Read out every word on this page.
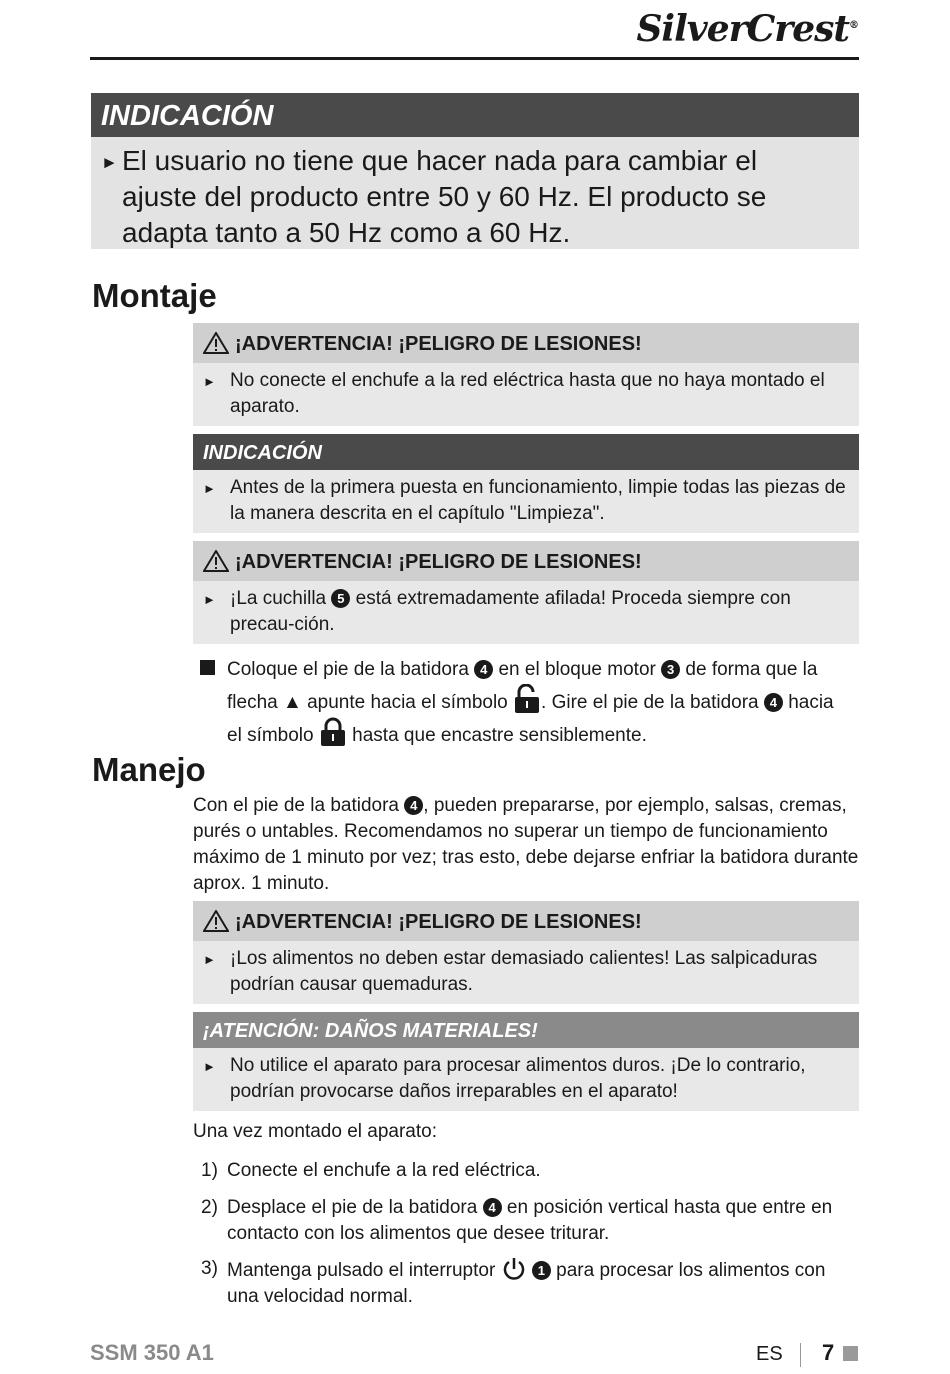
SilverCrest®
INDICACIÓN
► El usuario no tiene que hacer nada para cambiar el ajuste del producto entre 50 y 60 Hz. El producto se adapta tanto a 50 Hz como a 60 Hz.
Montaje
¡ADVERTENCIA! ¡PELIGRO DE LESIONES!
► No conecte el enchufe a la red eléctrica hasta que no haya montado el aparato.
INDICACIÓN
► Antes de la primera puesta en funcionamiento, limpie todas las piezas de la manera descrita en el capítulo "Limpieza".
¡ADVERTENCIA! ¡PELIGRO DE LESIONES!
► ¡La cuchilla 5 está extremadamente afilada! Proceda siempre con precau-ción.
Coloque el pie de la batidora 4 en el bloque motor 3 de forma que la
flecha ▲ apunte hacia el símbolo . Gire el pie de la batidora 4 hacia
el símbolo hasta que encastre sensiblemente.
Manejo
Con el pie de la batidora 4 , pueden prepararse, por ejemplo, salsas, cremas,
purés o untables. Recomendamos no superar un tiempo de funcionamiento
máximo de 1 minuto por vez; tras esto, debe dejarse enfriar la batidora durante
aprox. 1 minuto.
¡ADVERTENCIA! ¡PELIGRO DE LESIONES!
► ¡Los alimentos no deben estar demasiado calientes! Las salpicaduras podrían causar quemaduras.
¡ATENCIÓN: DAÑOS MATERIALES!
► No utilice el aparato para procesar alimentos duros. ¡De lo contrario, podrían provocarse daños irreparables en el aparato!
Una vez montado el aparato:
1) Conecte el enchufe a la red eléctrica.
2) Desplace el pie de la batidora 4 en posición vertical hasta que entre en contacto con los alimentos que desee triturar.
3) Mantenga pulsado el interruptor	1 para procesar los alimentos con una velocidad normal.
SSM 350 A1	ES 7
